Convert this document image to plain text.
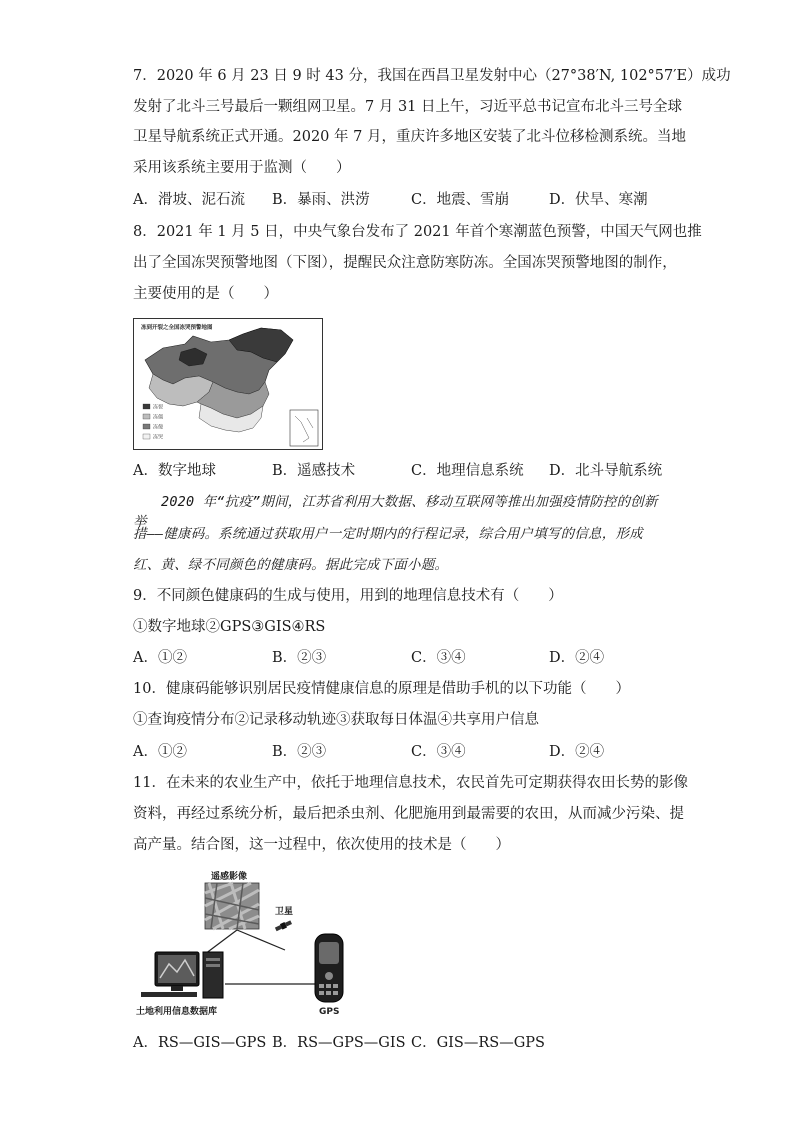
7．2020 年 6 月 23 日 9 时 43 分，我国在西昌卫星发射中心（27°38′N, 102°57′E）成功
发射了北斗三号最后一颗组网卫星。7 月 31 日上午，习近平总书记宣布北斗三号全球
卫星导航系统正式开通。2020 年 7 月，重庆许多地区安装了北斗位移检测系统。当地
采用该系统主要用于监测（　　）
A．滑坡、泥石流 B．暴雨、洪涝	C．地震、雪崩	D．伏旱、寒潮
8．2021 年 1 月 5 日，中央气象台发布了 2021 年首个寒潮蓝色预警，中国天气网也推
出了全国冻哭预警地图（下图），提醒民众注意防寒防冻。全国冻哭预警地图的制作，
主要使用的是（　　）
冻到开裂之全国冻哭预警地图
冻裂
冻僵
冻傻
冻哭
A．数字地球	B．遥感技术	C．地理信息系统 D．北斗导航系统
2020 年“抗疫”期间，江苏省利用大数据、移动互联网等推出加强疫情防控的创新举
措——健康码。系统通过获取用户一定时期内的行程记录，综合用户填写的信息，形成
红、黄、绿不同颜色的健康码。据此完成下面小题。
9．不同颜色健康码的生成与使用，用到的地理信息技术有（　　）
①数字地球②GPS③GIS④RS
A．①②	B．②③	C．③④	D．②④
10．健康码能够识别居民疫情健康信息的原理是借助手机的以下功能（　　）
①查询疫情分布②记录移动轨迹③获取每日体温④共享用户信息
A．①②	B．②③	C．③④	D．②④
11．在未来的农业生产中，依托于地理信息技术，农民首先可定期获得农田长势的影像
资料，再经过系统分析，最后把杀虫剂、化肥施用到最需要的农田，从而减少污染、提
高产量。结合图，这一过程中，依次使用的技术是（　　）
遥感影像
卫星
土地利用信息数据库	GPS
A．RS—GIS—GPS B．RS—GPS—GIS C．GIS—RS—GPS
